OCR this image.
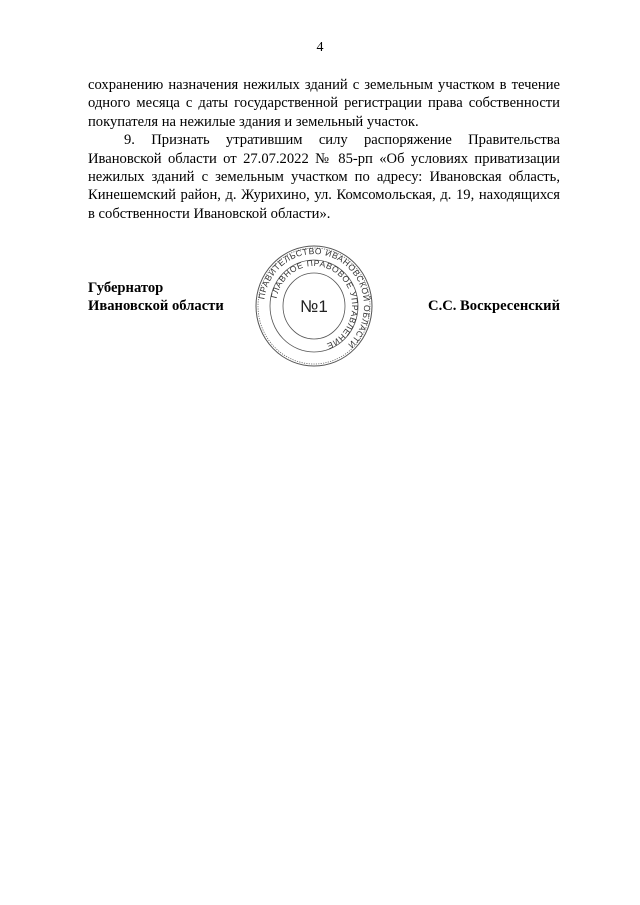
4

сохранению назначения нежилых зданий с земельным участком в течение одного месяца с даты государственной регистрации права собственности покупателя на нежилые здания и земельный участок.

9. Признать утратившим силу распоряжение Правительства Ивановской области от 27.07.2022 № 85-рп «Об условиях приватизации нежилых зданий с земельным участком по адресу: Ивановская область, Кинешемский район, д. Журихино, ул. Комсомольская, д. 19, находящихся в собственности Ивановской области».

Губернатор
Ивановской области
ПРАВИТЕЛЬСТВО ИВАНОВСКОЙ ОБЛАСТИ
ГЛАВНОЕ ПРАВОВОЕ УПРАВЛЕНИЕ
№1	С.С. Воскресенский
